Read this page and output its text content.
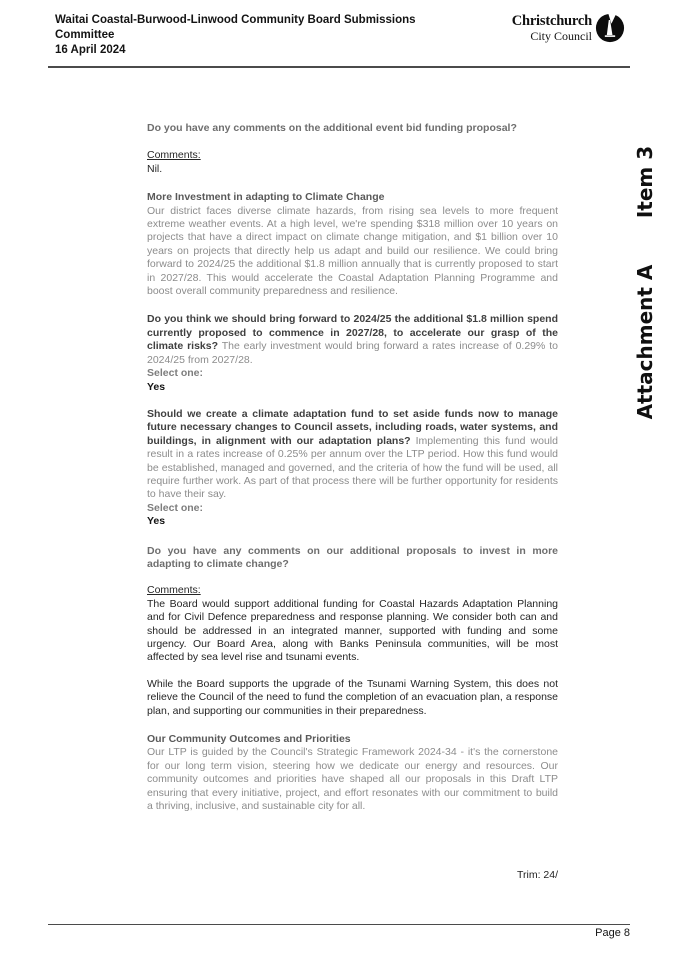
Waitai Coastal-Burwood-Linwood Community Board Submissions
Committee
16 April 2024
Christchurch
City Council
Item 3
Attachment A

Do you have any comments on the additional event bid funding proposal?

Comments:

Nil.

More Investment in adapting to Climate Change

Our district faces diverse climate hazards, from rising sea levels to more frequent extreme weather events. At a high level, we're spending $318 million over 10 years on projects that have a direct impact on climate change mitigation, and $1 billion over 10 years on projects that directly help us adapt and build our resilience. We could bring forward to 2024/25 the additional $1.8 million annually that is currently proposed to start in 2027/28. This would accelerate the Coastal Adaptation Planning Programme and boost overall community preparedness and resilience.

Do you think we should bring forward to 2024/25 the additional $1.8 million spend currently proposed to commence in 2027/28, to accelerate our grasp of the climate risks? The early investment would bring forward a rates increase of 0.29% to 2024/25 from 2027/28.

Select one:

Yes

Should we create a climate adaptation fund to set aside funds now to manage future necessary changes to Council assets, including roads, water systems, and buildings, in alignment with our adaptation plans? Implementing this fund would result in a rates increase of 0.25% per annum over the LTP period. How this fund would be established, managed and governed, and the criteria of how the fund will be used, all require further work. As part of that process there will be further opportunity for residents to have their say.

Select one:

Yes

Do you have any comments on our additional proposals to invest in more adapting to climate change?

Comments:

The Board would support additional funding for Coastal Hazards Adaptation Planning and for Civil Defence preparedness and response planning. We consider both can and should be addressed in an integrated manner, supported with funding and some urgency. Our Board Area, along with Banks Peninsula communities, will be most affected by sea level rise and tsunami events.

While the Board supports the upgrade of the Tsunami Warning System, this does not relieve the Council of the need to fund the completion of an evacuation plan, a response plan, and supporting our communities in their preparedness.

Our Community Outcomes and Priorities

Our LTP is guided by the Council's Strategic Framework 2024-34 - it's the cornerstone for our long term vision, steering how we dedicate our energy and resources. Our community outcomes and priorities have shaped all our proposals in this Draft LTP ensuring that every initiative, project, and effort resonates with our commitment to build a thriving, inclusive, and sustainable city for all.

Trim: 24/

Page 8
